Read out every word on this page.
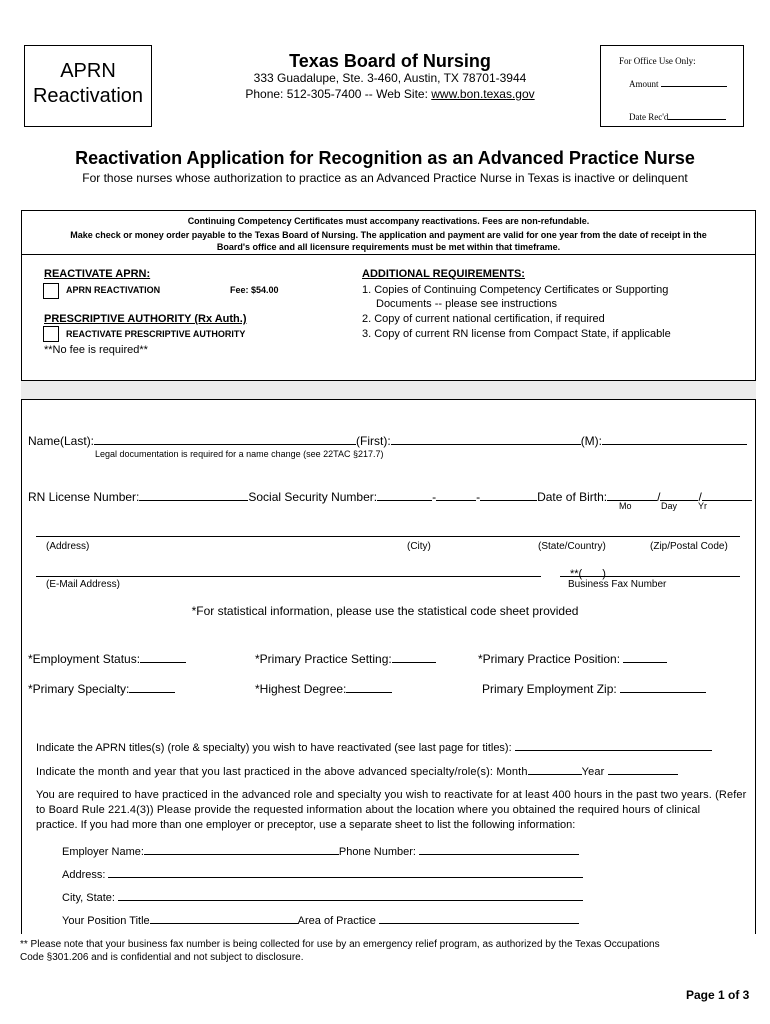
APRN
Reactivation
Texas Board of Nursing
333 Guadalupe, Ste. 3-460, Austin, TX 78701-3944
Phone: 512-305-7400 -- Web Site: www.bon.texas.gov
For Office Use Only:
Amount
Date Rec'd
Reactivation Application for Recognition as an Advanced Practice Nurse
For those nurses whose authorization to practice as an Advanced Practice Nurse in Texas is inactive or delinquent
Continuing Competency Certificates must accompany reactivations. Fees are non-refundable.
Make check or money order payable to the Texas Board of Nursing. The application and payment are valid for one year from the date of receipt in the
Board's office and all licensure requirements must be met within that timeframe.
REACTIVATE APRN:
APRN REACTIVATION	Fee: $54.00
PRESCRIPTIVE AUTHORITY (Rx Auth.)
REACTIVATE PRESCRIPTIVE AUTHORITY
**No fee is required**
ADDITIONAL REQUIREMENTS:
1. Copies of Continuing Competency Certificates or Supporting
Documents -- please see instructions
2. Copy of current national certification, if required
3. Copy of current RN license from Compact State, if applicable
Name(Last):	(First):	(M):
Legal documentation is required for a name change (see 22TAC §217.7)
RN License Number:	Social Security Number:	-	-	Date of Birth:	/	/
Mo	Day Yr
(Address)	(City)	(State/Country)	(Zip/Postal Code)
**( )
(E-Mail Address)	Business Fax Number
*For statistical information, please use the statistical code sheet provided
*Employment Status:	*Primary Practice Setting:	*Primary Practice Position:
*Primary Specialty:	*Highest Degree:	Primary Employment Zip:
Indicate the APRN titles(s) (role & specialty) you wish to have reactivated (see last page for titles):
Indicate the month and year that you last practiced in the above advanced specialty/role(s): Month	Year
You are required to have practiced in the advanced role and specialty you wish to reactivate for at least 400 hours in the past two years. (Refer
to Board Rule 221.4(3)) Please provide the requested information about the location where you obtained the required hours of clinical
practice. If you had more than one employer or preceptor, use a separate sheet to list the following information:
Employer Name:	Phone Number:
Address:
City, State:
Your Position Title	Area of Practice
** Please note that your business fax number is being collected for use by an emergency relief program, as authorized by the Texas Occupations
Code §301.206 and is confidential and not subject to disclosure.
Page 1 of 3
